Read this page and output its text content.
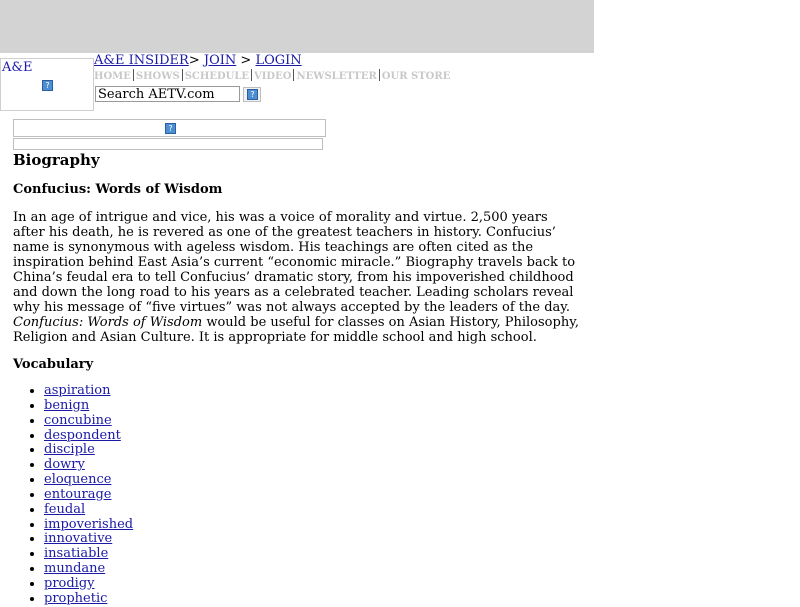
A&E
?
A&E INSIDER> JOIN > LOGIN
HOME SHOWS SCHEDULE VIDEO NEWSLETTER OUR STORE
Search AETV.com
?
?
Biography
Confucius: Words of Wisdom

In an age of intrigue and vice, his was a voice of morality and virtue. 2,500 years after his death, he is revered as one of the greatest teachers in history. Confucius’ name is synonymous with ageless wisdom. His teachings are often cited as the inspiration behind East Asia’s current “economic miracle.” Biography travels back to China’s feudal era to tell Confucius’ dramatic story, from his impoverished childhood and down the long road to his years as a celebrated teacher. Leading scholars reveal why his message of “five virtues” was not always accepted by the leaders of the day. Confucius: Words of Wisdom would be useful for classes on Asian History, Philosophy, Religion and Asian Culture. It is appropriate for middle school and high school.

Vocabulary
• aspiration
• benign
• concubine
• despondent
• disciple
• dowry
• eloquence
• entourage
• feudal
• impoverished
• innovative
• insatiable
• mundane
• prodigy
• prophetic
